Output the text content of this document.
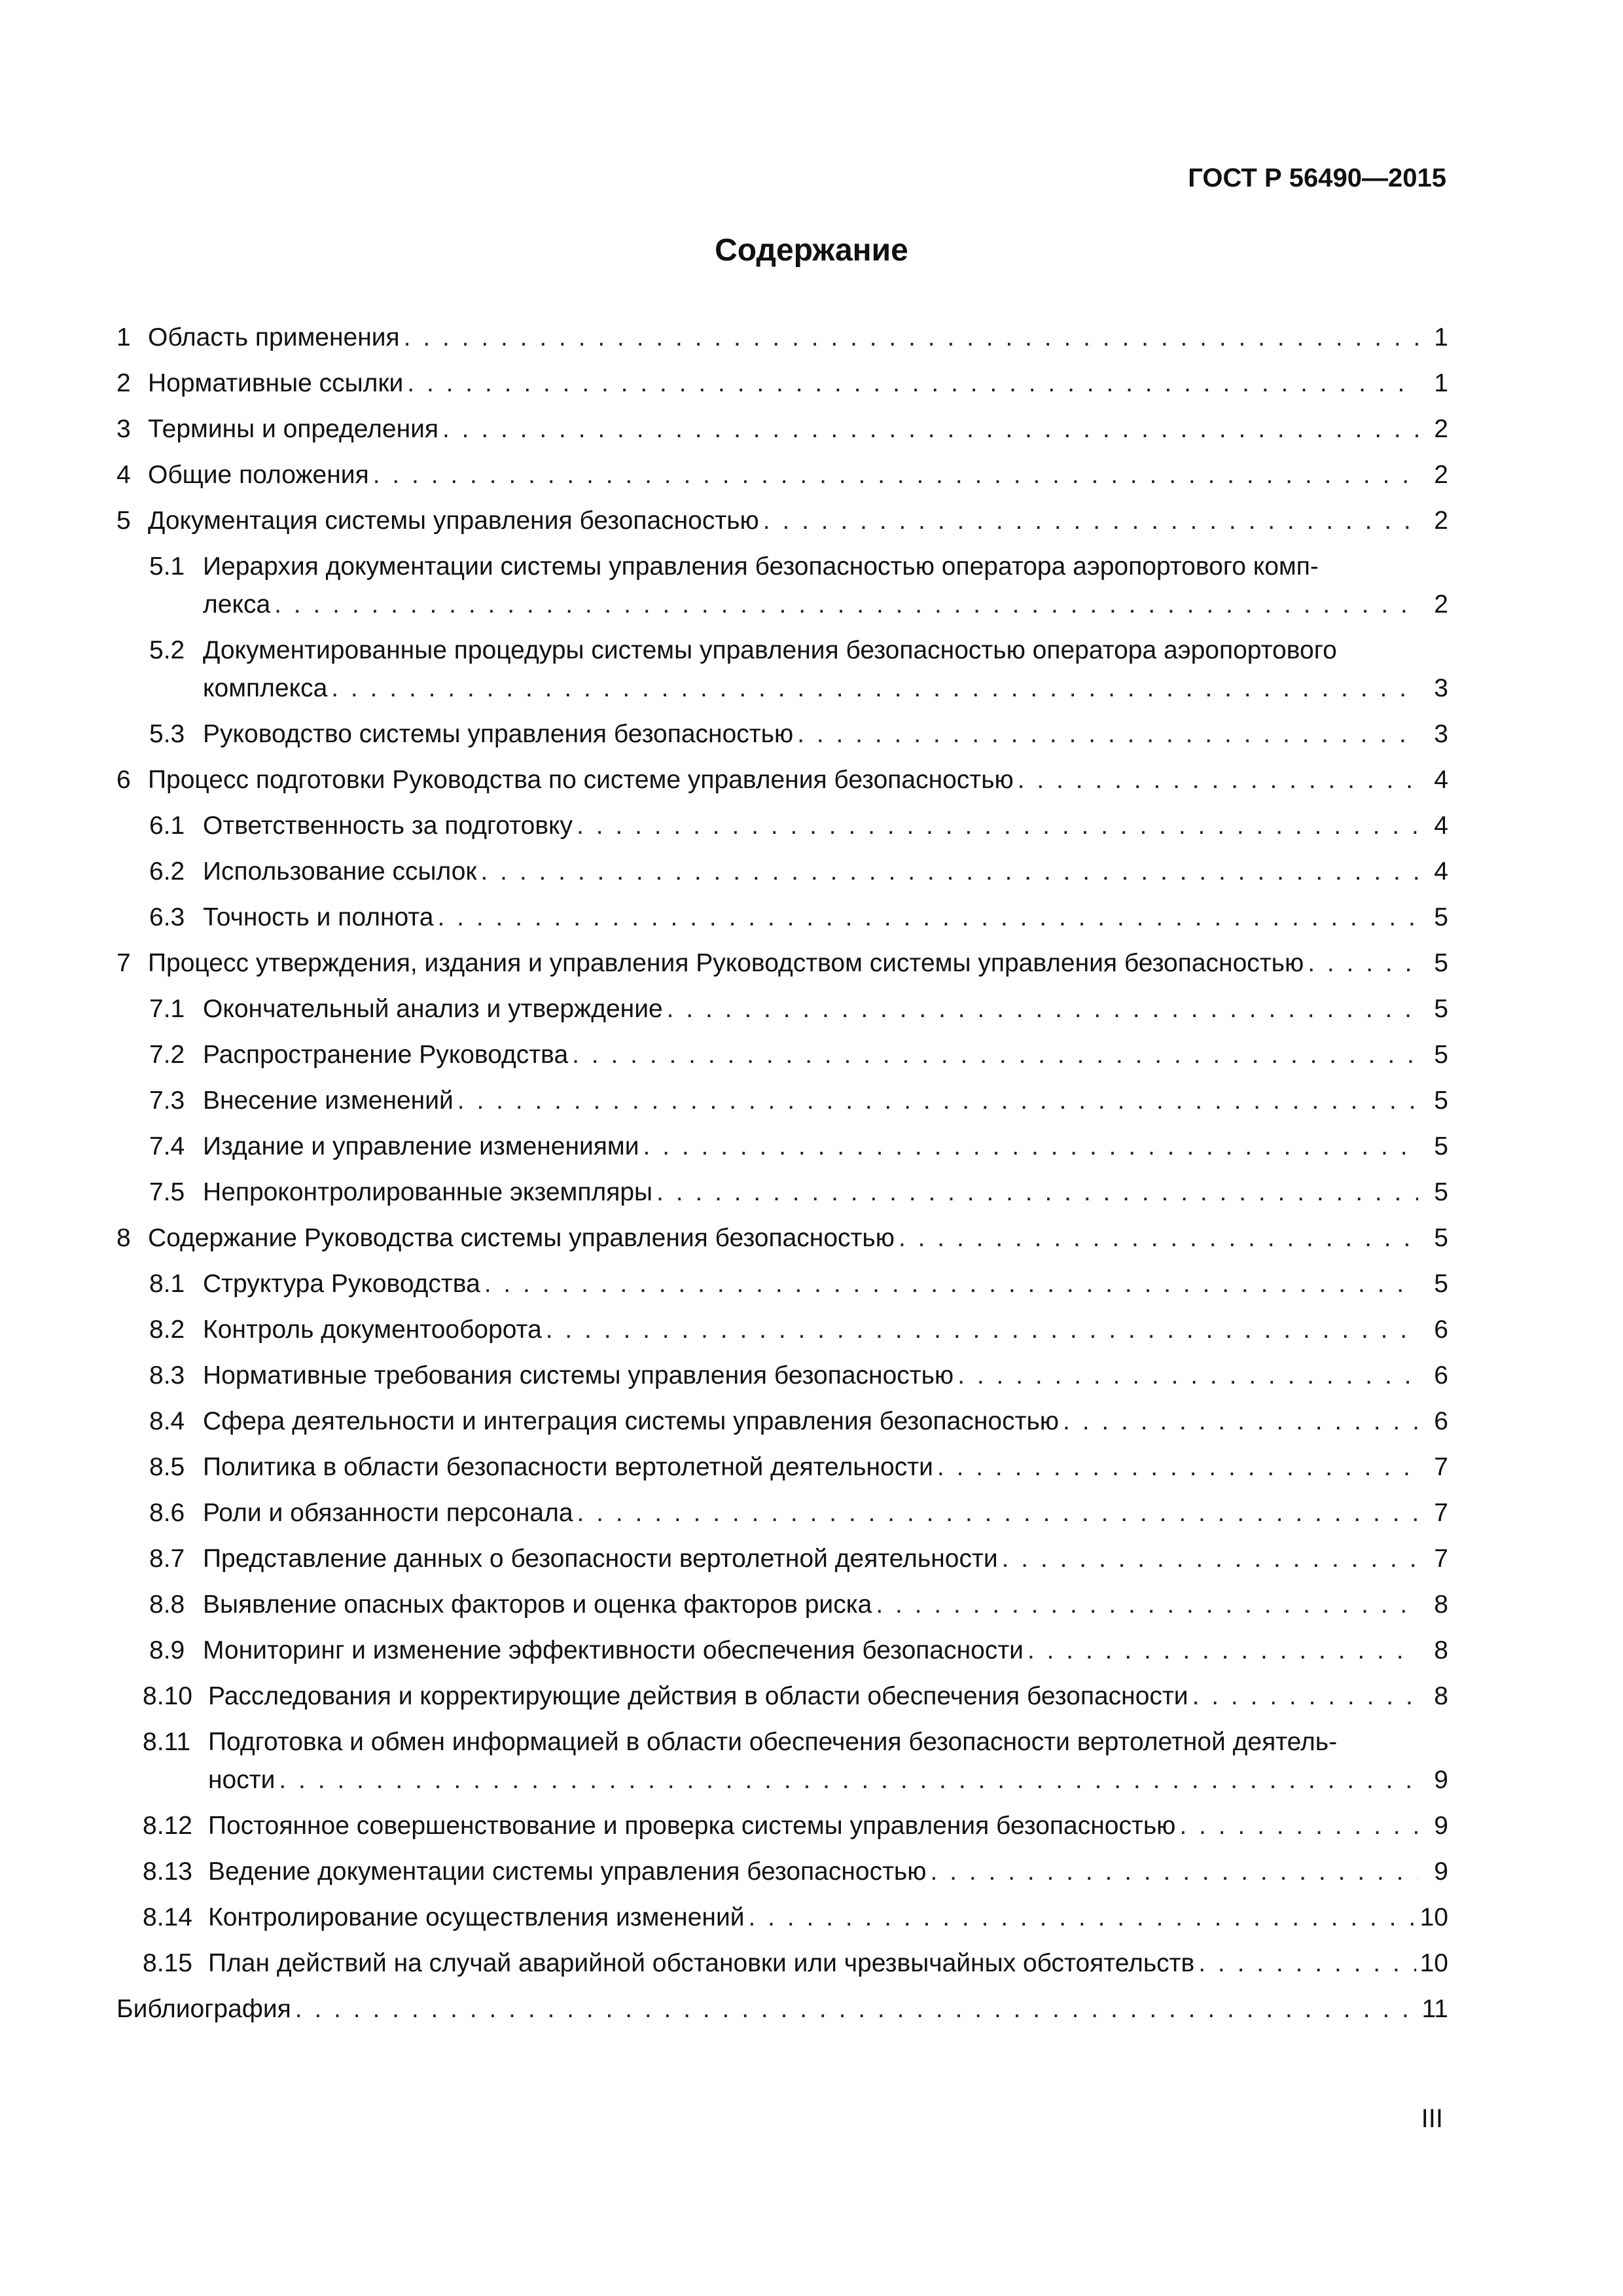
ГОСТ Р 56490—2015
Содержание
1 Область применения . . .	1
2 Нормативные ссылки . . .	1
3 Термины и определения . . .	2
4 Общие положения . . .	2
5 Документация системы управления безопасностью . . .	2
5.1 Иерархия документации системы управления безопасностью оператора аэропортового комп-
лекса . . .	2
5.2 Документированные процедуры системы управления безопасностью оператора аэропортового
комплекса . . .	3
5.3 Руководство системы управления безопасностью . . .	3
6 Процесс подготовки Руководства по системе управления безопасностью . . .	4
6.1 Ответственность за подготовку . . .	4
6.2 Использование ссылок . . .	4
6.3 Точность и полнота . . .	5
7 Процесс утверждения, издания и управления Руководством системы управления безопасностью . . .	5
7.1 Окончательный анализ и утверждение . . .	5
7.2 Распространение Руководства . . .	5
7.3 Внесение изменений . . .	5
7.4 Издание и управление изменениями . . .	5
7.5 Непроконтролированные экземпляры . . .	5
8 Содержание Руководства системы управления безопасностью . . .	5
8.1 Структура Руководства . . .	5
8.2 Контроль документооборота . . .	6
8.3 Нормативные требования системы управления безопасностью . . .	6
8.4 Сфера деятельности и интеграция системы управления безопасностью . . .	6
8.5 Политика в области безопасности вертолетной деятельности . . .	7
8.6 Роли и обязанности персонала . . .	7
8.7 Представление данных о безопасности вертолетной деятельности . . .	7
8.8 Выявление опасных факторов и оценка факторов риска . . .	8
8.9 Мониторинг и изменение эффективности обеспечения безопасности . . .	8
8.10 Расследования и корректирующие действия в области обеспечения безопасности . . .	8
8.11 Подготовка и обмен информацией в области обеспечения безопасности вертолетной деятель-
ности . . .	9
8.12 Постоянное совершенствование и проверка системы управления безопасностью . . .	9
8.13 Ведение документации системы управления безопасностью . . .	9
8.14 Контролирование осуществления изменений . . .	10
8.15 План действий на случай аварийной обстановки или чрезвычайных обстоятельств . . .	10
Библиография . . .	11
III
